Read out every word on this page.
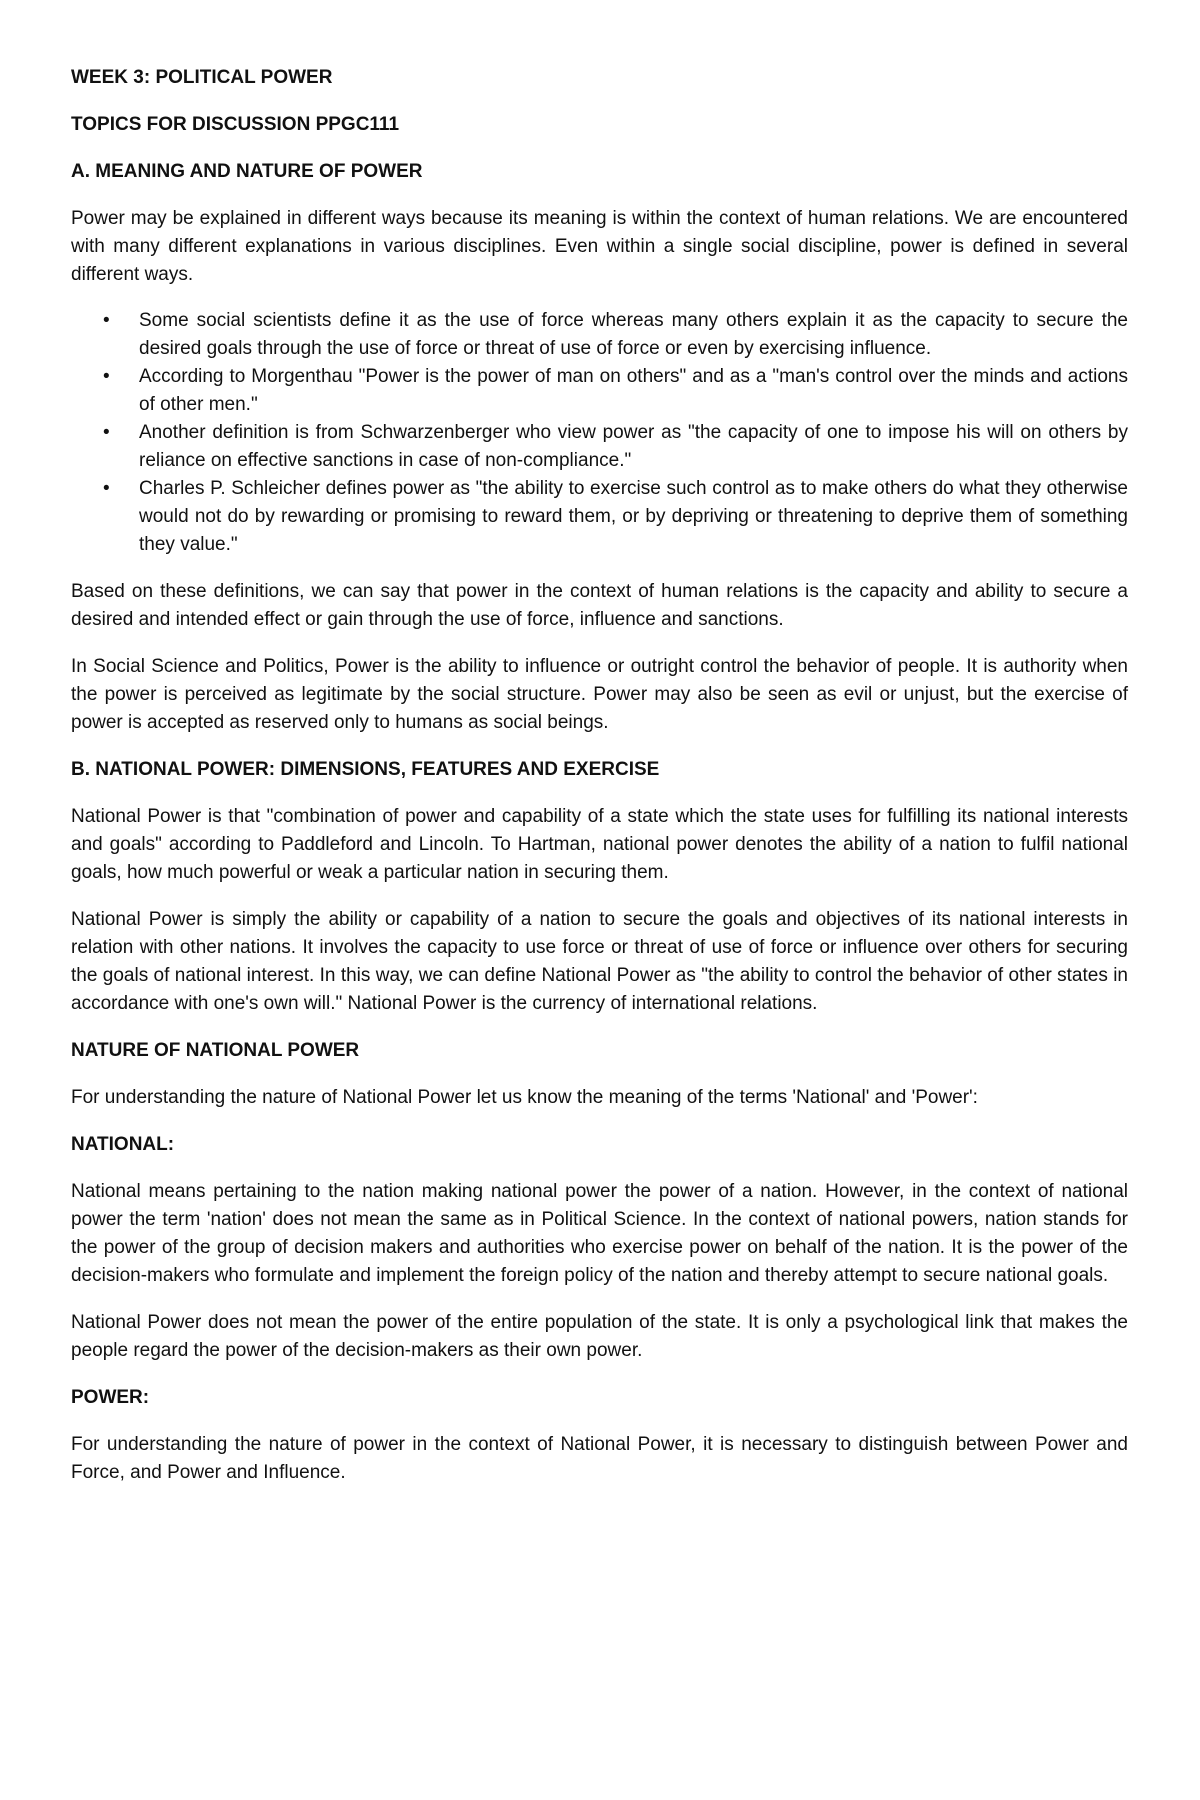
WEEK 3: POLITICAL POWER

TOPICS FOR DISCUSSION PPGC111

A. MEANING AND NATURE OF POWER

Power may be explained in different ways because its meaning is within the context of human relations. We are encountered with many different explanations in various disciplines. Even within a single social discipline, power is defined in several different ways.

• Some social scientists define it as the use of force whereas many others explain it as the capacity to secure the desired goals through the use of force or threat of use of force or even by exercising influence.
• According to Morgenthau "Power is the power of man on others" and as a "man's control over the minds and actions of other men."
• Another definition is from Schwarzenberger who view power as "the capacity of one to impose his will on others by reliance on effective sanctions in case of non-compliance."
• Charles P. Schleicher defines power as "the ability to exercise such control as to make others do what they otherwise would not do by rewarding or promising to reward them, or by depriving or threatening to deprive them of something they value."

Based on these definitions, we can say that power in the context of human relations is the capacity and ability to secure a desired and intended effect or gain through the use of force, influence and sanctions.

In Social Science and Politics, Power is the ability to influence or outright control the behavior of people. It is authority when the power is perceived as legitimate by the social structure. Power may also be seen as evil or unjust, but the exercise of power is accepted as reserved only to humans as social beings.

B. NATIONAL POWER: DIMENSIONS, FEATURES AND EXERCISE

National Power is that "combination of power and capability of a state which the state uses for fulfilling its national interests and goals" according to Paddleford and Lincoln. To Hartman, national power denotes the ability of a nation to fulfil national goals, how much powerful or weak a particular nation in securing them.

National Power is simply the ability or capability of a nation to secure the goals and objectives of its national interests in relation with other nations. It involves the capacity to use force or threat of use of force or influence over others for securing the goals of national interest. In this way, we can define National Power as "the ability to control the behavior of other states in accordance with one's own will." National Power is the currency of international relations.

NATURE OF NATIONAL POWER

For understanding the nature of National Power let us know the meaning of the terms 'National' and 'Power':

NATIONAL:

National means pertaining to the nation making national power the power of a nation. However, in the context of national power the term 'nation' does not mean the same as in Political Science. In the context of national powers, nation stands for the power of the group of decision makers and authorities who exercise power on behalf of the nation. It is the power of the decision-makers who formulate and implement the foreign policy of the nation and thereby attempt to secure national goals.

National Power does not mean the power of the entire population of the state. It is only a psychological link that makes the people regard the power of the decision-makers as their own power.

POWER:

For understanding the nature of power in the context of National Power, it is necessary to distinguish between Power and Force, and Power and Influence.
